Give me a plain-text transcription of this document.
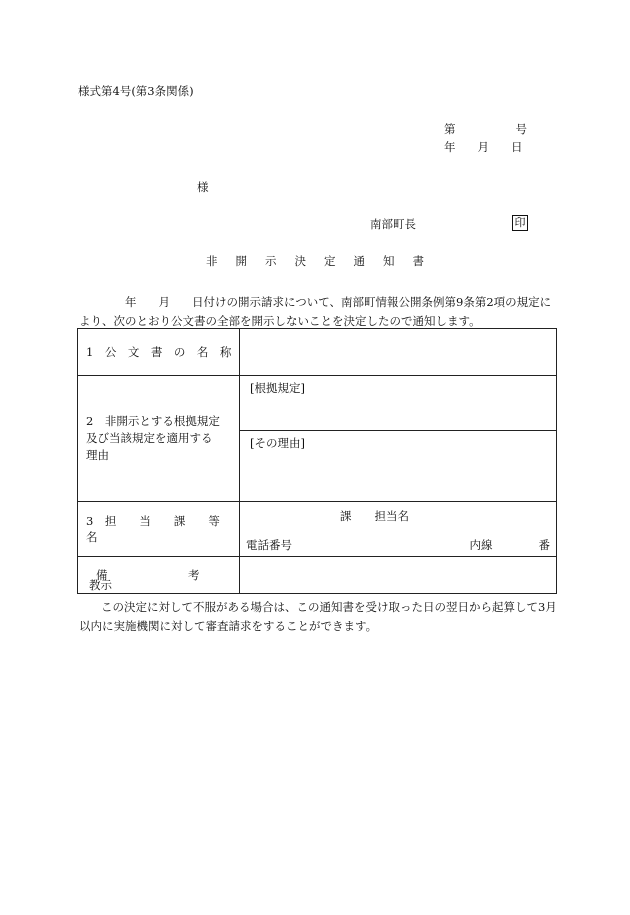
様式第4号(第3条関係)
第	号
年 月 日
様
南部町長	印
非 開 示 決 定 通 知 書
年 月 日付けの開示請求について、南部町情報公開条例第9条第2項の規定により、次のとおり公文書の全部を開示しないことを決定したので通知します。
1　公　文　書　の　名　称	

2　非開示とする根拠規定
及び当該規定を適用する
理由	[根拠規定]
	[その理由]
3　担　　当　　課　　等　　名	課　　担当名
電話番号 内線　　　　番

備　　　　　　　考	
教示
この決定に対して不服がある場合は、この通知書を受け取った日の翌日から起算して3月以内に実施機関に対して審査請求をすることができます。
